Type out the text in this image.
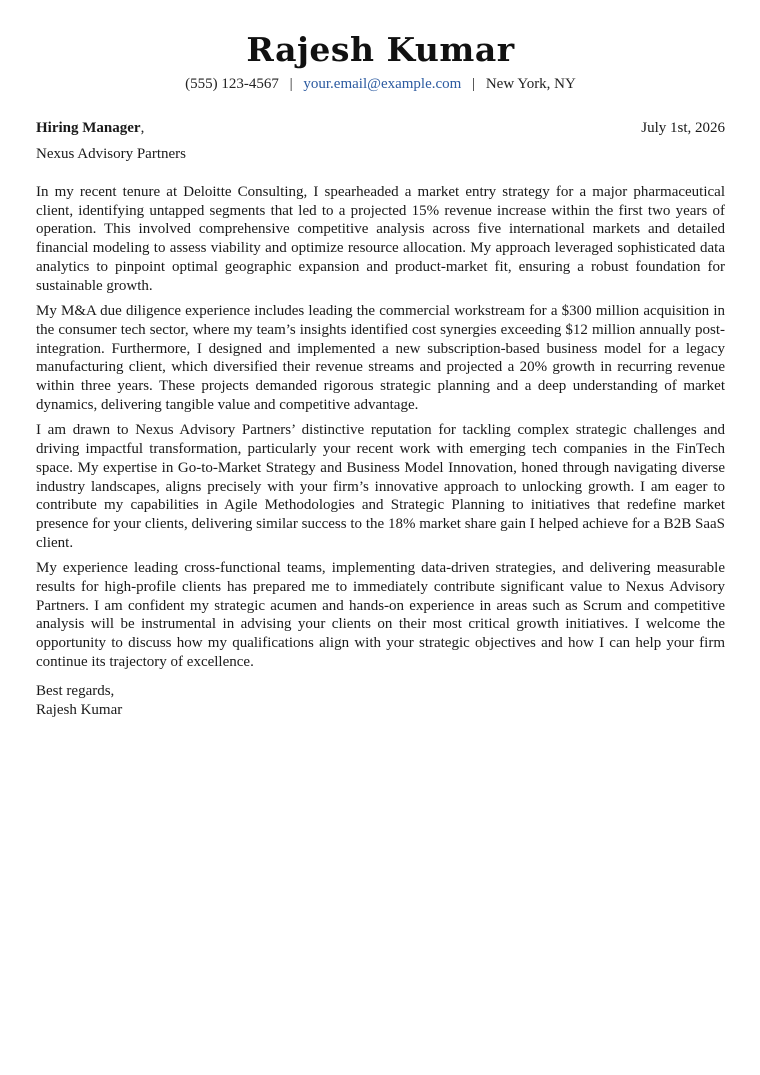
Rajesh Kumar
(555) 123-4567 | your.email@example.com | New York, NY
Hiring Manager,	July 1st, 2026
Nexus Advisory Partners

In my recent tenure at Deloitte Consulting, I spearheaded a market entry strategy for a major pharmaceutical client, identifying untapped segments that led to a projected 15% revenue increase within the first two years of operation. This involved comprehensive competitive analysis across five international markets and detailed financial modeling to assess viability and optimize resource allocation. My approach leveraged sophisticated data analytics to pinpoint optimal geographic expansion and product-market fit, ensuring a robust foundation for sustainable growth.

My M&A due diligence experience includes leading the commercial workstream for a $300 million acquisition in the consumer tech sector, where my team’s insights identified cost synergies exceeding $12 million annually post-integration. Furthermore, I designed and implemented a new subscription-based business model for a legacy manufacturing client, which diversified their revenue streams and projected a 20% growth in recurring revenue within three years. These projects demanded rigorous strategic planning and a deep understanding of market dynamics, delivering tangible value and competitive advantage.

I am drawn to Nexus Advisory Partners’ distinctive reputation for tackling complex strategic challenges and driving impactful transformation, particularly your recent work with emerging tech companies in the FinTech space. My expertise in Go-to-Market Strategy and Business Model Innovation, honed through navigating diverse industry landscapes, aligns precisely with your firm’s innovative approach to unlocking growth. I am eager to contribute my capabilities in Agile Methodologies and Strategic Planning to initiatives that redefine market presence for your clients, delivering similar success to the 18% market share gain I helped achieve for a B2B SaaS client.

My experience leading cross-functional teams, implementing data-driven strategies, and delivering measurable results for high-profile clients has prepared me to immediately contribute significant value to Nexus Advisory Partners. I am confident my strategic acumen and hands-on experience in areas such as Scrum and competitive analysis will be instrumental in advising your clients on their most critical growth initiatives. I welcome the opportunity to discuss how my qualifications align with your strategic objectives and how I can help your firm continue its trajectory of excellence.

Best regards,
Rajesh Kumar
